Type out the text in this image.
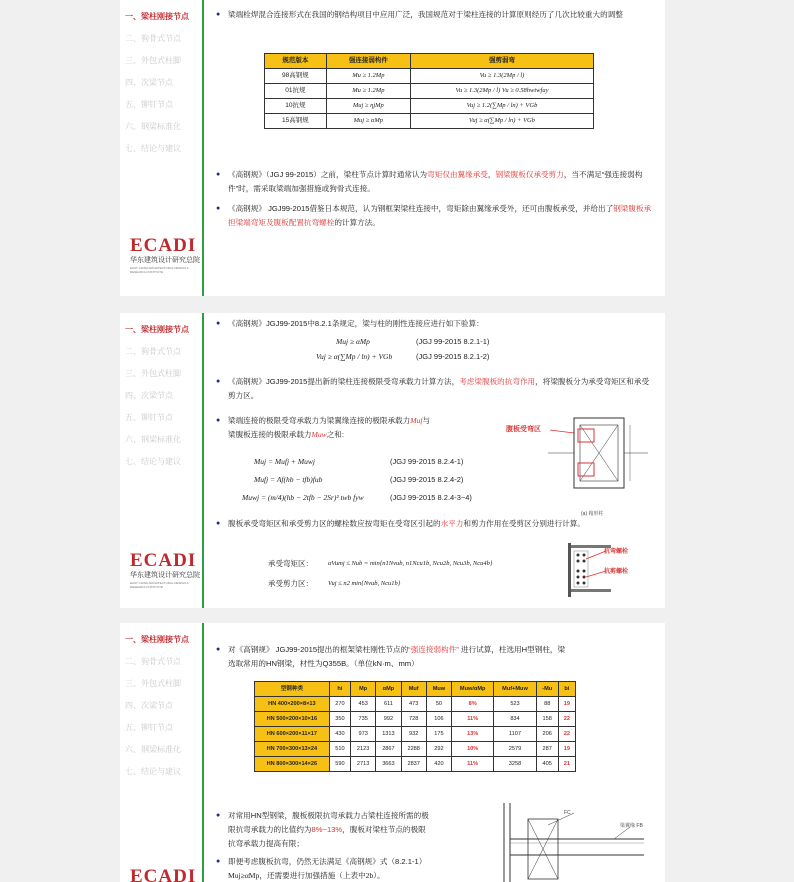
一、梁柱刚接节点
二、狗骨式节点
三、外包式柱脚
四、次梁节点
五、铆钉节点
六、钢梁标准化
七、结论与建议
ECADI
华东建筑设计研究总院
EAST CHINA ARCHITECTURAL DESIGN & RESEARCH INSTITUTE
● 梁端栓焊混合连接形式在我国的钢结构项目中应用广泛，我国规范对于梁柱连接的计算原则经历了几次比较重大的调整
规范版本	强连接弱构件	强剪弱弯
98高钢规	Mu ≥ 1.2Mp	Vu ≥ 1.3(2Mp / l)
01抗规	Mu ≥ 1.2Mp	Vu ≥ 1.3(2Mp / l) Vu ≥ 0.58hwtwfay
10抗规	Muj ≥ ηjMp	Vuj ≥ 1.2(∑Mp / ln) + VGb
15高钢规	Muj ≥ αMp	Vuj ≥ α(∑Mp / ln) + VGb
● 《高钢规》（JGJ 99-2015）之前，梁柱节点计算时通常认为弯矩仅由翼缘承受，钢梁腹板仅承受剪力，当不满足“强连接弱构件”时，需采取梁端加强措施或狗骨式连接。
● 《高钢规》 JGJ99-2015借鉴日本规范，认为钢框架梁柱连接中，弯矩除由翼缘承受外，还可由腹板承受，并给出了钢梁腹板承担梁端弯矩及腹板配置抗弯螺栓的计算方法。
一、梁柱刚接节点
二、狗骨式节点
三、外包式柱脚
四、次梁节点
五、铆钉节点
六、钢梁标准化
七、结论与建议
ECADI
华东建筑设计研究总院
EAST CHINA ARCHITECTURAL DESIGN & RESEARCH INSTITUTE
● 《高钢规》JGJ99-2015中8.2.1条规定，梁与柱的刚性连接应进行如下验算：
Muj ≥ αMp	(JGJ 99-2015 8.2.1-1)
Vuj ≥ α(∑Mp / ln) + VGb	(JGJ 99-2015 8.2.1-2)
● 《高钢规》JGJ99-2015提出新的梁柱连接极限受弯承载力计算方法，考虑梁腹板的抗弯作用，将梁腹板分为承受弯矩区和承受剪力区。
● 梁端连接的极限受弯承载力为梁翼缘连接的极限承载力Muf与
梁腹板连接的极限承载力Muw之和:
Muj = Mufj + Muwj	(JGJ 99-2015 8.2.4-1)
Mufj = Af(hb − tfb)fub	(JGJ 99-2015 8.2.4-2)
Muwj = (m/4)(hb − 2tfb − 2Sr)² twb fyw	(JGJ 99-2015 8.2.4-3~4)
腹板受弯区
(a) 箱形柱
● 腹板承受弯矩区和承受剪力区的螺栓数应按弯矩在受弯区引起的水平力和剪力作用在受剪区分别进行计算。
承受弯矩区： αVumj ≤ Nub = min{n1Nvub, n1Ncu1b, Ncu2b, Ncu3b, Ncu4b}
承受剪力区： Vuj ≤ n2 min{Nvub, Ncu1b}
抗弯螺栓
抗剪螺栓
一、梁柱刚接节点
二、狗骨式节点
三、外包式柱脚
四、次梁节点
五、铆钉节点
六、钢梁标准化
七、结论与建议
ECADI
● 对《高钢规》 JGJ99-2015提出的框架梁柱刚性节点的“强连接弱构件” 进行试算，柱选用H型钢柱，梁
选取常用的HN钢梁，材性为Q355B。（单位kN·m、mm）
型钢种类	hi	Mp	αMp	Muf	Muw	Muw/αMp	Muf+Muw	-Mu	bi
HN 400×200×8×13	270	453	611	473	50	8%	523	88	19
HN 500×200×10×16	350	735	992	728	106	11%	834	158	22
HN 600×200×11×17	430	973	1313	932	175	13%	1107	206	22
HN 700×300×13×24	510	2123	2867	2288	292	10%	2579	287	19
HN 800×300×14×26	590	2713	3663	2837	420	11%	3258	405	21
● 对常用HN型钢梁，腹板极限抗弯承载力占梁柱连接所需的极
限抗弯承载力的比值约为8%~13%，腹板对梁柱节点的极限
抗弯承载力提高有限；
● 即便考虑腹板抗弯，仍然无法满足《高钢规》式（8.2.1-1）
Muj≥αMp，还需要进行加强措施（上表中2b）。
FC
梁翼缘 FB
